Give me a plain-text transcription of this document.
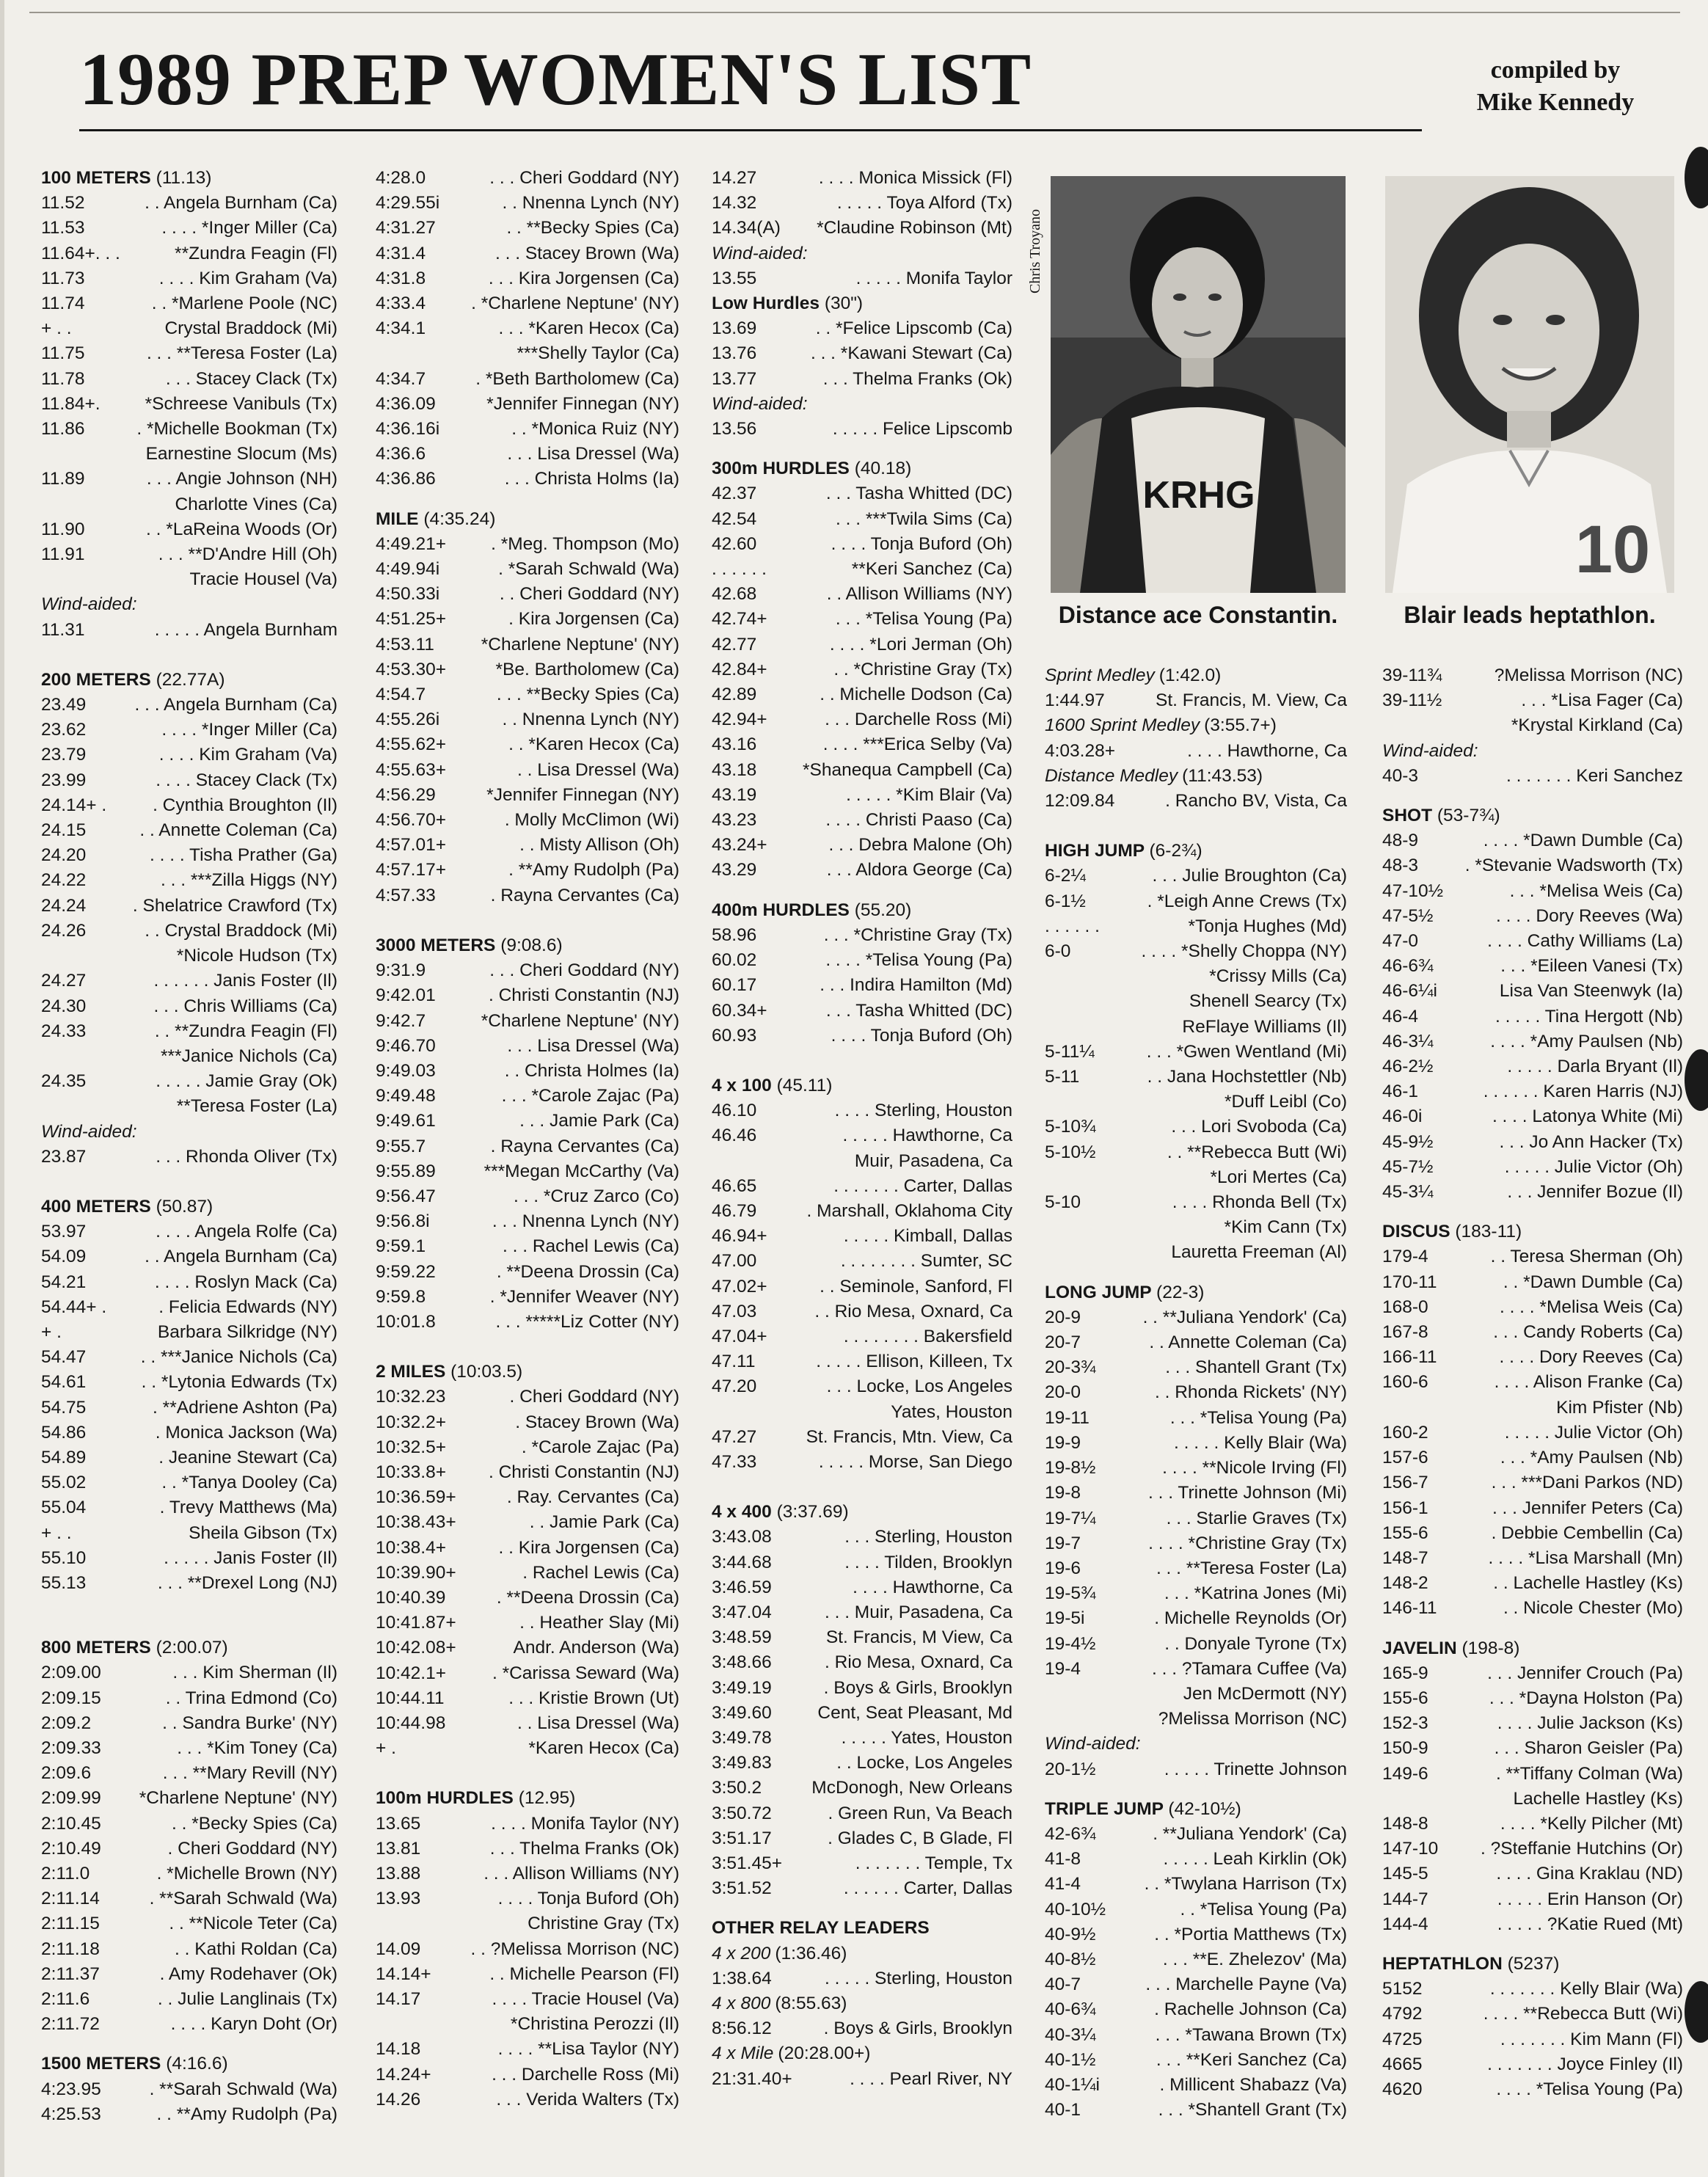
1989 PREP WOMEN'S LIST	compiled by
Mike Kennedy
KRHG
Chris Troyano
Distance ace Constantin.
10
Blair leads heptathlon.
100 METERS (11.13)
11.52	. . Angela Burnham (Ca)
11.53	. . . . *Inger Miller (Ca)
11.64+. . .	**Zundra Feagin (Fl)
11.73	. . . . Kim Graham (Va)
11.74	. . *Marlene Poole (NC)
+ . .	Crystal Braddock (Mi)
11.75	. . . **Teresa Foster (La)
11.78	. . . Stacey Clack (Tx)
11.84+. *Schreese Vanibuls (Tx)
11.86	. *Michelle Bookman (Tx)
Earnestine Slocum (Ms)
11.89	. . . Angie Johnson (NH)
Charlotte Vines (Ca)
11.90	. . *LaReina Woods (Or)
11.91	. . . **D'Andre Hill (Oh)
Tracie Housel (Va)
Wind-aided:
11.31	. . . . . Angela Burnham
200 METERS (22.77A)
23.49	. . . Angela Burnham (Ca)
23.62	. . . . *Inger Miller (Ca)
23.79	. . . . Kim Graham (Va)
23.99	. . . . Stacey Clack (Tx)
24.14+ .	. Cynthia Broughton (Il)
24.15	. . Annette Coleman (Ca)
24.20	. . . . Tisha Prather (Ga)
24.22	. . . ***Zilla Higgs (NY)
24.24	. Shelatrice Crawford (Tx)
24.26	. . Crystal Braddock (Mi)
*Nicole Hudson (Tx)
24.27	. . . . . . Janis Foster (Il)
24.30	. . . Chris Williams (Ca)
24.33	. . **Zundra Feagin (Fl)
***Janice Nichols (Ca)
24.35	. . . . . Jamie Gray (Ok)
**Teresa Foster (La)
Wind-aided:
23.87	. . . Rhonda Oliver (Tx)
400 METERS (50.87)
53.97	. . . . Angela Rolfe (Ca)
54.09	. . Angela Burnham (Ca)
54.21	. . . . Roslyn Mack (Ca)
54.44+ .	. Felicia Edwards (NY)
+ .	Barbara Silkridge (NY)
54.47	. . ***Janice Nichols (Ca)
54.61	. . *Lytonia Edwards (Tx)
54.75	. **Adriene Ashton (Pa)
54.86	. Monica Jackson (Wa)
54.89	. Jeanine Stewart (Ca)
55.02	. . *Tanya Dooley (Ca)
55.04	. Trevy Matthews (Ma)
+ . .	Sheila Gibson (Tx)
55.10	. . . . . Janis Foster (Il)
55.13	. . . **Drexel Long (NJ)
800 METERS (2:00.07)
2:09.00	. . . Kim Sherman (Il)
2:09.15	. . Trina Edmond (Co)
2:09.2	. . Sandra Burke' (NY)
2:09.33	. . . *Kim Toney (Ca)
2:09.6	. . . **Mary Revill (NY)
2:09.99 *Charlene Neptune' (NY)
2:10.45	. . *Becky Spies (Ca)
2:10.49	. Cheri Goddard (NY)
2:11.0	. *Michelle Brown (NY)
2:11.14	. **Sarah Schwald (Wa)
2:11.15	. . **Nicole Teter (Ca)
2:11.18	. . Kathi Roldan (Ca)
2:11.37	. Amy Rodehaver (Ok)
2:11.6	. . Julie Langlinais (Tx)
2:11.72	. . . . Karyn Doht (Or)
1500 METERS (4:16.6)
4:23.95	. **Sarah Schwald (Wa)
4:25.53	. . **Amy Rudolph (Pa)
4:28.0	. . . Cheri Goddard (NY)
4:29.55i	. . Nnenna Lynch (NY)
4:31.27	. . **Becky Spies (Ca)
4:31.4	. . . Stacey Brown (Wa)
4:31.8	. . . Kira Jorgensen (Ca)
4:33.4	. *Charlene Neptune' (NY)
4:34.1	. . . *Karen Hecox (Ca)
***Shelly Taylor (Ca)
4:34.7	. *Beth Bartholomew (Ca)
4:36.09	*Jennifer Finnegan (NY)
4:36.16i	. . *Monica Ruiz (NY)
4:36.6	. . . Lisa Dressel (Wa)
4:36.86	. . . Christa Holms (Ia)
MILE (4:35.24)
4:49.21+ . *Meg. Thompson (Mo)
4:49.94i	. *Sarah Schwald (Wa)
4:50.33i	. . Cheri Goddard (NY)
4:51.25+	. Kira Jorgensen (Ca)
4:53.11	*Charlene Neptune' (NY)
4:53.30+	*Be. Bartholomew (Ca)
4:54.7	. . . **Becky Spies (Ca)
4:55.26i	. . Nnenna Lynch (NY)
4:55.62+	. . *Karen Hecox (Ca)
4:55.63+	. . Lisa Dressel (Wa)
4:56.29	*Jennifer Finnegan (NY)
4:56.70+	. Molly McClimon (Wi)
4:57.01+	. . Misty Allison (Oh)
4:57.17+	. **Amy Rudolph (Pa)
4:57.33	. Rayna Cervantes (Ca)
3000 METERS (9:08.6)
9:31.9	. . . Cheri Goddard (NY)
9:42.01	. Christi Constantin (NJ)
9:42.7	*Charlene Neptune' (NY)
9:46.70	. . . Lisa Dressel (Wa)
9:49.03	. . Christa Holmes (Ia)
9:49.48	. . . *Carole Zajac (Pa)
9:49.61	. . . Jamie Park (Ca)
9:55.7	. Rayna Cervantes (Ca)
9:55.89	***Megan McCarthy (Va)
9:56.47	. . . *Cruz Zarco (Co)
9:56.8i	. . . Nnenna Lynch (NY)
9:59.1	. . . Rachel Lewis (Ca)
9:59.22	. **Deena Drossin (Ca)
9:59.8	. *Jennifer Weaver (NY)
10:01.8	. . . *****Liz Cotter (NY)
2 MILES (10:03.5)
10:32.23	. Cheri Goddard (NY)
10:32.2+	. Stacey Brown (Wa)
10:32.5+	. *Carole Zajac (Pa)
10:33.8+ . Christi Constantin (NJ)
10:36.59+	. Ray. Cervantes (Ca)
10:38.43+	. . Jamie Park (Ca)
10:38.4+	. . Kira Jorgensen (Ca)
10:39.90+	. Rachel Lewis (Ca)
10:40.39	. **Deena Drossin (Ca)
10:41.87+	. . Heather Slay (Mi)
10:42.08+	Andr. Anderson (Wa)
10:42.1+	. *Carissa Seward (Wa)
10:44.11	. . . Kristie Brown (Ut)
10:44.98	. . Lisa Dressel (Wa)
+ .	*Karen Hecox (Ca)
100m HURDLES (12.95)
13.65	. . . . Monifa Taylor (NY)
13.81	. . . Thelma Franks (Ok)
13.88	. . . Allison Williams (NY)
13.93	. . . . Tonja Buford (Oh)
Christine Gray (Tx)
14.09	. . ?Melissa Morrison (NC)
14.14+	. . Michelle Pearson (Fl)
14.17	. . . . Tracie Housel (Va)
*Christina Perozzi (Il)
14.18	. . . . **Lisa Taylor (NY)
14.24+	. . . Darchelle Ross (Mi)
14.26	. . . Verida Walters (Tx)
14.27	. . . . Monica Missick (Fl)
14.32	. . . . . Toya Alford (Tx)
14.34(A) *Claudine Robinson (Mt)
Wind-aided:
13.55	. . . . . Monifa Taylor
Low Hurdles (30")
13.69	. . *Felice Lipscomb (Ca)
13.76	. . . *Kawani Stewart (Ca)
13.77	. . . Thelma Franks (Ok)
Wind-aided:
13.56	. . . . . Felice Lipscomb
300m HURDLES (40.18)
42.37	. . . Tasha Whitted (DC)
42.54	. . . ***Twila Sims (Ca)
42.60	. . . . Tonja Buford (Oh)
. . . . . .	**Keri Sanchez (Ca)
42.68	. . Allison Williams (NY)
42.74+	. . . *Telisa Young (Pa)
42.77	. . . . *Lori Jerman (Oh)
42.84+	. . *Christine Gray (Tx)
42.89	. . Michelle Dodson (Ca)
42.94+	. . . Darchelle Ross (Mi)
43.16	. . . . ***Erica Selby (Va)
43.18	*Shanequa Campbell (Ca)
43.19	. . . . . *Kim Blair (Va)
43.23	. . . . Christi Paaso (Ca)
43.24+	. . . Debra Malone (Oh)
43.29	. . . Aldora George (Ca)
400m HURDLES (55.20)
58.96	. . . *Christine Gray (Tx)
60.02	. . . . *Telisa Young (Pa)
60.17	. . . Indira Hamilton (Md)
60.34+	. . . Tasha Whitted (DC)
60.93	. . . . Tonja Buford (Oh)
4 x 100 (45.11)
46.10	. . . . Sterling, Houston
46.46	. . . . . Hawthorne, Ca
Muir, Pasadena, Ca
46.65	. . . . . . . Carter, Dallas
46.79	. Marshall, Oklahoma City
46.94+	. . . . . Kimball, Dallas
47.00	. . . . . . . . Sumter, SC
47.02+	. . Seminole, Sanford, Fl
47.03	. . Rio Mesa, Oxnard, Ca
47.04+	. . . . . . . . Bakersfield
47.11	. . . . . Ellison, Killeen, Tx
47.20	. . . Locke, Los Angeles
Yates, Houston
47.27	St. Francis, Mtn. View, Ca
47.33	. . . . . Morse, San Diego
4 x 400 (3:37.69)
3:43.08	. . . Sterling, Houston
3:44.68	. . . . Tilden, Brooklyn
3:46.59	. . . . Hawthorne, Ca
3:47.04	. . . Muir, Pasadena, Ca
3:48.59	St. Francis, M View, Ca
3:48.66	. Rio Mesa, Oxnard, Ca
3:49.19	. Boys & Girls, Brooklyn
3:49.60	Cent, Seat Pleasant, Md
3:49.78	. . . . . Yates, Houston
3:49.83	. . Locke, Los Angeles
3:50.2	McDonogh, New Orleans
3:50.72	. Green Run, Va Beach
3:51.17	. Glades C, B Glade, Fl
3:51.45+	. . . . . . . Temple, Tx
3:51.52	. . . . . . Carter, Dallas
OTHER RELAY LEADERS
4 x 200 (1:36.46)
1:38.64	. . . . . Sterling, Houston
4 x 800 (8:55.63)
8:56.12	. Boys & Girls, Brooklyn
4 x Mile (20:28.00+)
21:31.40+	. . . . Pearl River, NY
Sprint Medley (1:42.0)
1:44.97	St. Francis, M. View, Ca
1600 Sprint Medley (3:55.7+)
4:03.28+	. . . . Hawthorne, Ca
Distance Medley (11:43.53)
12:09.84	. Rancho BV, Vista, Ca
HIGH JUMP (6-2¾)
6-2¼	. . . Julie Broughton (Ca)
6-1½	. *Leigh Anne Crews (Tx)
. . . . . .	*Tonja Hughes (Md)
6-0	. . . . *Shelly Choppa (NY)
*Crissy Mills (Ca)
Shenell Searcy (Tx)
ReFlaye Williams (Il)
5-11¼	. . . *Gwen Wentland (Mi)
5-11	. . Jana Hochstettler (Nb)
*Duff Leibl (Co)
5-10¾	. . . Lori Svoboda (Ca)
5-10½	. . **Rebecca Butt (Wi)
*Lori Mertes (Ca)
5-10	. . . . Rhonda Bell (Tx)
*Kim Cann (Tx)
Lauretta Freeman (Al)
LONG JUMP (22-3)
20-9	. . **Juliana Yendork' (Ca)
20-7	. . Annette Coleman (Ca)
20-3¾	. . . Shantell Grant (Tx)
20-0	. . Rhonda Rickets' (NY)
19-11	. . . *Telisa Young (Pa)
19-9	. . . . . Kelly Blair (Wa)
19-8½	. . . . **Nicole Irving (Fl)
19-8	. . . Trinette Johnson (Mi)
19-7¼	. . . Starlie Graves (Tx)
19-7	. . . . *Christine Gray (Tx)
19-6	. . . **Teresa Foster (La)
19-5¾	. . . *Katrina Jones (Mi)
19-5i	. Michelle Reynolds (Or)
19-4½	. . Donyale Tyrone (Tx)
19-4	. . . ?Tamara Cuffee (Va)
Jen McDermott (NY)
?Melissa Morrison (NC)
Wind-aided:
20-1½	. . . . . Trinette Johnson
TRIPLE JUMP (42-10½)
42-6¾	. **Juliana Yendork' (Ca)
41-8	. . . . . Leah Kirklin (Ok)
41-4	. . *Twylana Harrison (Tx)
40-10½	. . *Telisa Young (Pa)
40-9½	. . *Portia Matthews (Tx)
40-8½	. . . **E. Zhelezov' (Ma)
40-7	. . . Marchelle Payne (Va)
40-6¾	. Rachelle Johnson (Ca)
40-3¼	. . . *Tawana Brown (Tx)
40-1½	. . . **Keri Sanchez (Ca)
40-1¼i	. Millicent Shabazz (Va)
40-1	. . . *Shantell Grant (Tx)
39-11¾	?Melissa Morrison (NC)
39-11½	. . . *Lisa Fager (Ca)
*Krystal Kirkland (Ca)
Wind-aided:
40-3	. . . . . . . Keri Sanchez
SHOT (53-7¾)
48-9	. . . . *Dawn Dumble (Ca)
48-3	. *Stevanie Wadsworth (Tx)
47-10½	. . . *Melisa Weis (Ca)
47-5½	. . . . Dory Reeves (Wa)
47-0	. . . . Cathy Williams (La)
46-6¾	. . . *Eileen Vanesi (Tx)
46-6¼i	Lisa Van Steenwyk (Ia)
46-4	. . . . . Tina Hergott (Nb)
46-3¼	. . . . *Amy Paulsen (Nb)
46-2½	. . . . . Darla Bryant (Il)
46-1	. . . . . . Karen Harris (NJ)
46-0i	. . . . Latonya White (Mi)
45-9½	. . . Jo Ann Hacker (Tx)
45-7½	. . . . . Julie Victor (Oh)
45-3¼	. . . Jennifer Bozue (Il)
DISCUS (183-11)
179-4	. . Teresa Sherman (Oh)
170-11	. . *Dawn Dumble (Ca)
168-0	. . . . *Melisa Weis (Ca)
167-8	. . . Candy Roberts (Ca)
166-11	. . . . Dory Reeves (Ca)
160-6	. . . . Alison Franke (Ca)
Kim Pfister (Nb)
160-2	. . . . . Julie Victor (Oh)
157-6	. . . *Amy Paulsen (Nb)
156-7	. . . ***Dani Parkos (ND)
156-1	. . . Jennifer Peters (Ca)
155-6	. Debbie Cembellin (Ca)
148-7	. . . . *Lisa Marshall (Mn)
148-2	. . Lachelle Hastley (Ks)
146-11	. . Nicole Chester (Mo)
JAVELIN (198-8)
165-9	. . . Jennifer Crouch (Pa)
155-6	. . . *Dayna Holston (Pa)
152-3	. . . . Julie Jackson (Ks)
150-9	. . . Sharon Geisler (Pa)
149-6	. **Tiffany Colman (Wa)
Lachelle Hastley (Ks)
148-8	. . . . *Kelly Pilcher (Mt)
147-10 . ?Steffanie Hutchins (Or)
145-5	. . . . Gina Kraklau (ND)
144-7	. . . . . Erin Hanson (Or)
144-4	. . . . . ?Katie Rued (Mt)
HEPTATHLON (5237)
5152	. . . . . . . Kelly Blair (Wa)
4792	. . . . **Rebecca Butt (Wi)
4725	. . . . . . . Kim Mann (Fl)
4665	. . . . . . . Joyce Finley (Il)
4620	. . . . *Telisa Young (Pa)
